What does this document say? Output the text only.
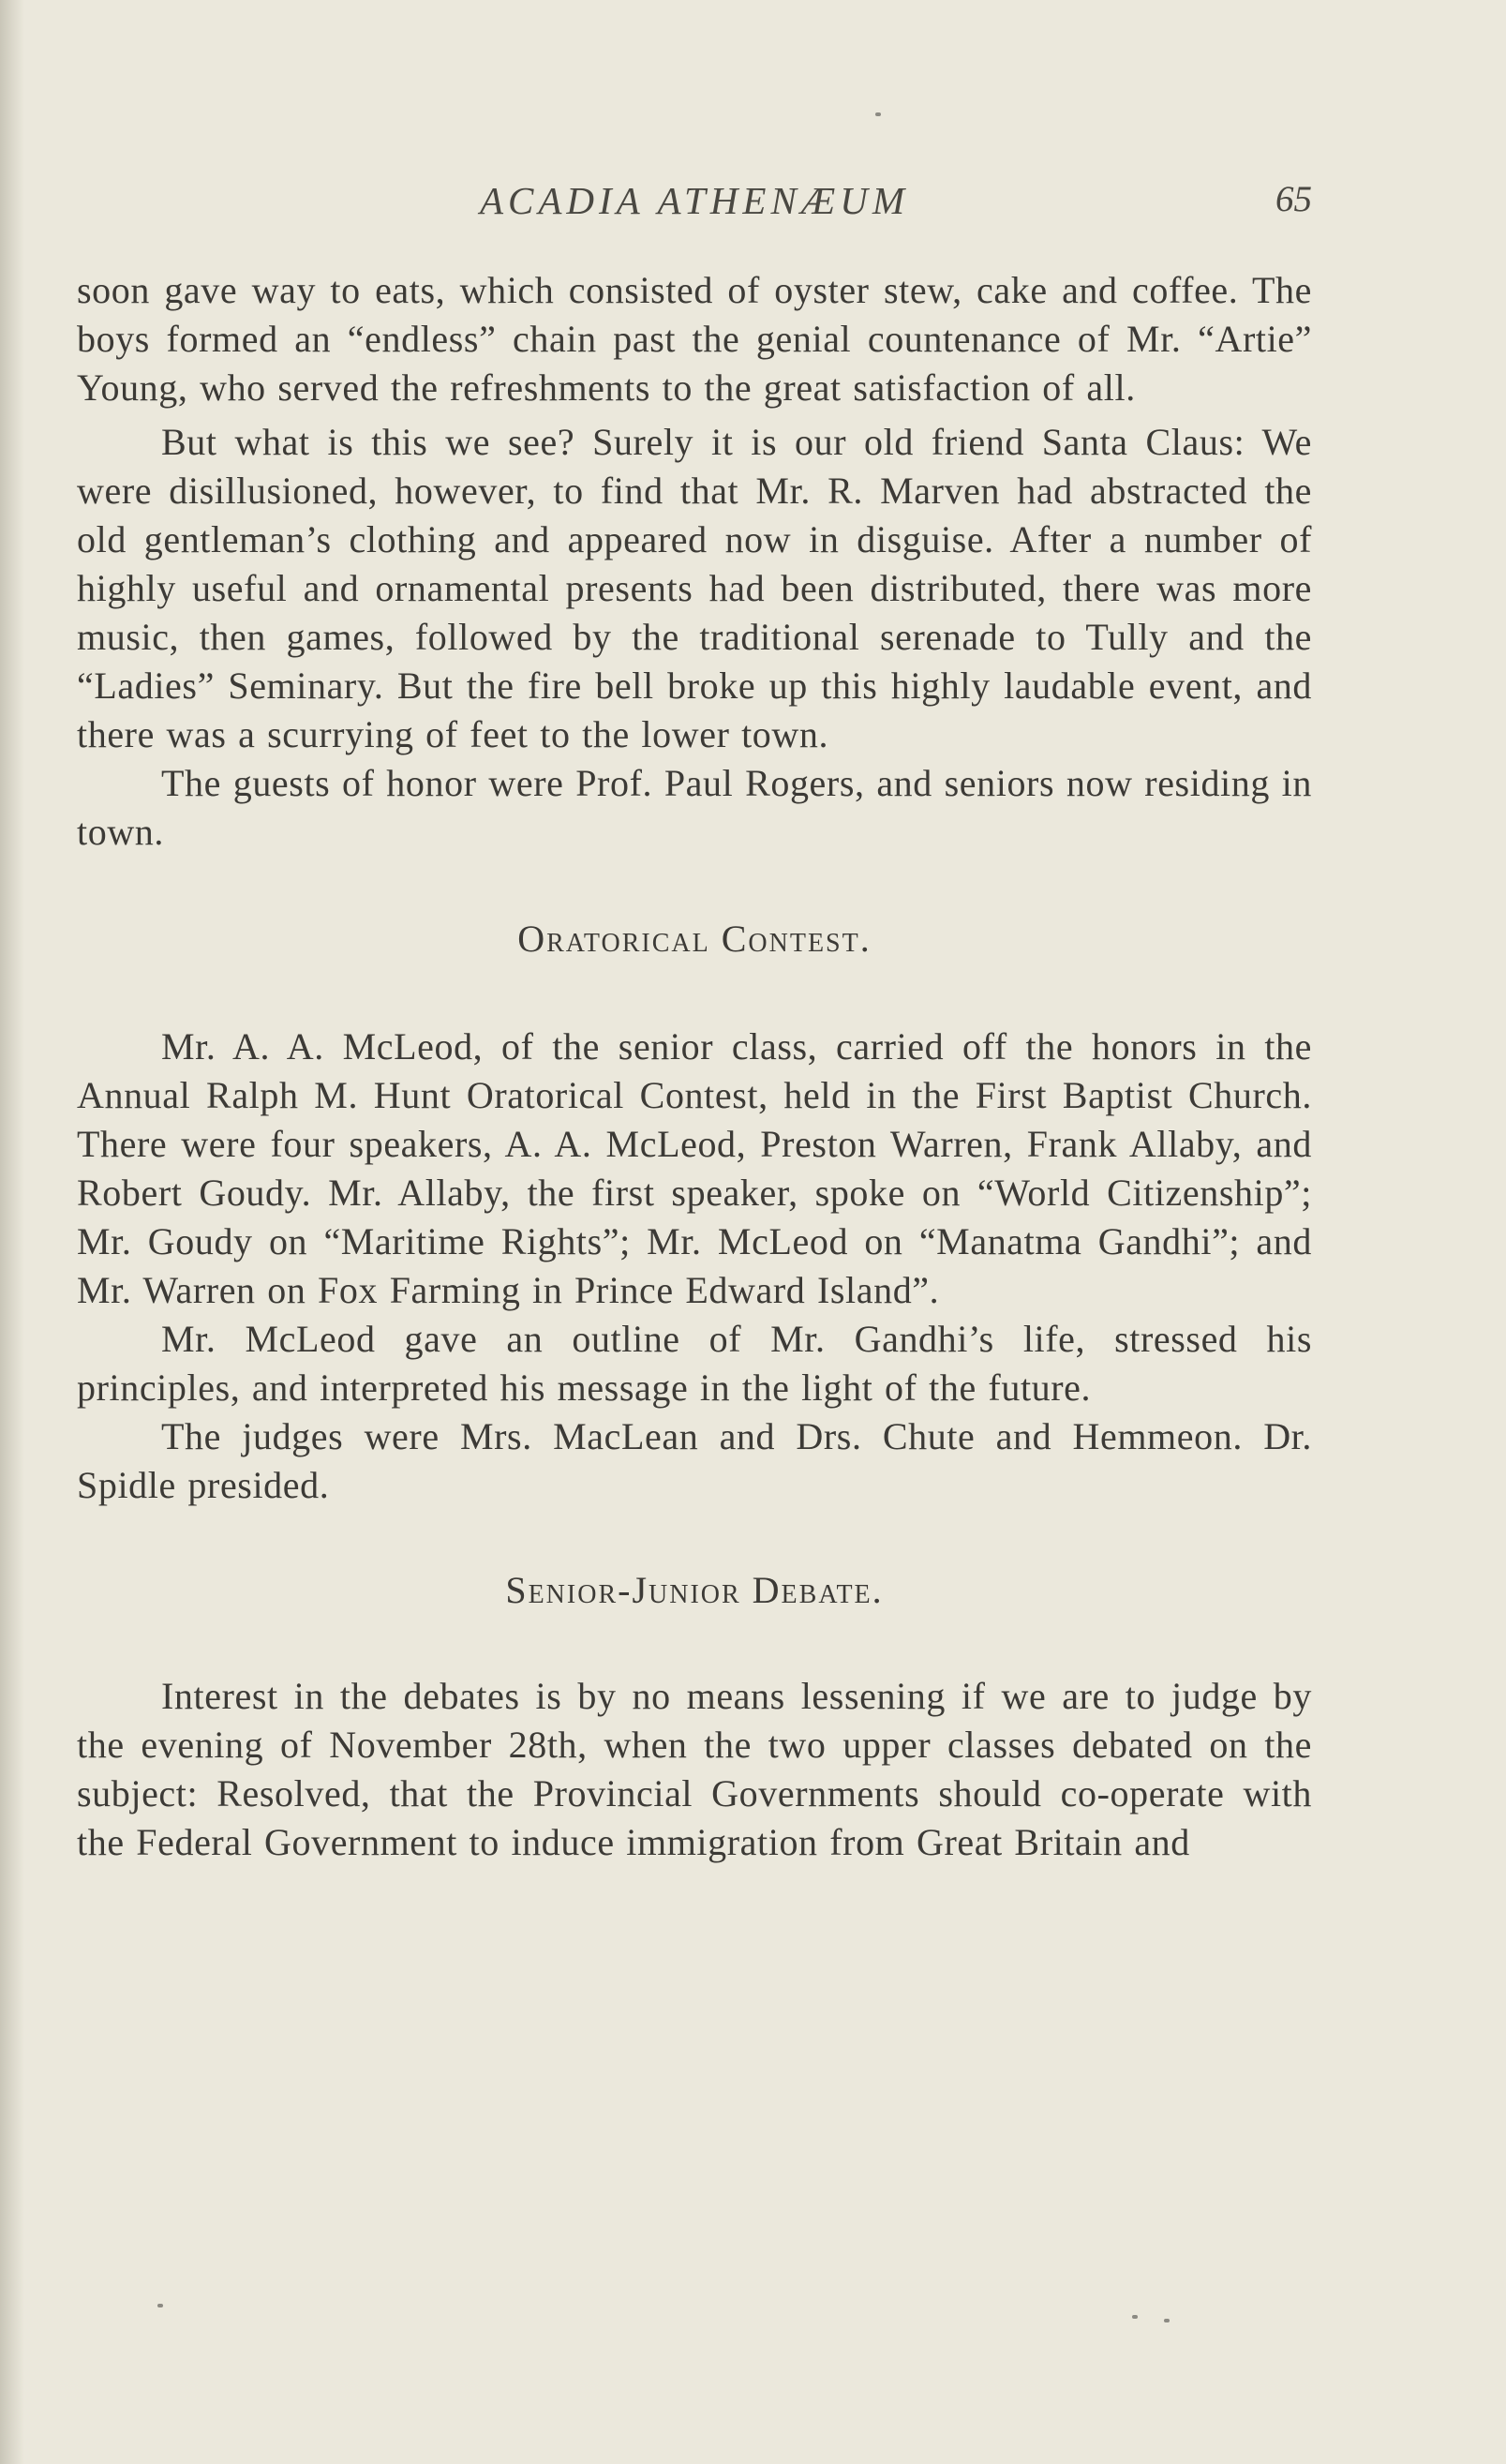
ACADIA ATHENÆUM	65

soon gave way to eats, which consisted of oyster stew, cake and coffee. The boys formed an “endless” chain past the genial countenance of Mr. “Artie” Young, who served the refreshments to the great satisfaction of all.

But what is this we see? Surely it is our old friend Santa Claus: We were disillusioned, however, to find that Mr. R. Marven had abstracted the old gentleman’s clothing and appeared now in disguise. After a number of highly useful and ornamental presents had been distributed, there was more music, then games, followed by the traditional serenade to Tully and the “Ladies” Seminary. But the fire bell broke up this highly laudable event, and there was a scurrying of feet to the lower town.

The guests of honor were Prof. Paul Rogers, and seniors now residing in town.

Oratorical Contest.

Mr. A. A. McLeod, of the senior class, carried off the honors in the Annual Ralph M. Hunt Oratorical Contest, held in the First Baptist Church. There were four speakers, A. A. McLeod, Preston Warren, Frank Allaby, and Robert Goudy. Mr. Allaby, the first speaker, spoke on “World Citizenship”; Mr. Goudy on “Maritime Rights”; Mr. McLeod on “Manatma Gandhi”; and Mr. Warren on Fox Farming in Prince Edward Island”.

Mr. McLeod gave an outline of Mr. Gandhi’s life, stressed his principles, and interpreted his message in the light of the future.

The judges were Mrs. MacLean and Drs. Chute and Hemmeon. Dr. Spidle presided.

Senior-Junior Debate.

Interest in the debates is by no means lessening if we are to judge by the evening of November 28th, when the two upper classes debated on the subject: Resolved, that the Provincial Governments should co-operate with the Federal Government to induce immigration from Great Britain and
